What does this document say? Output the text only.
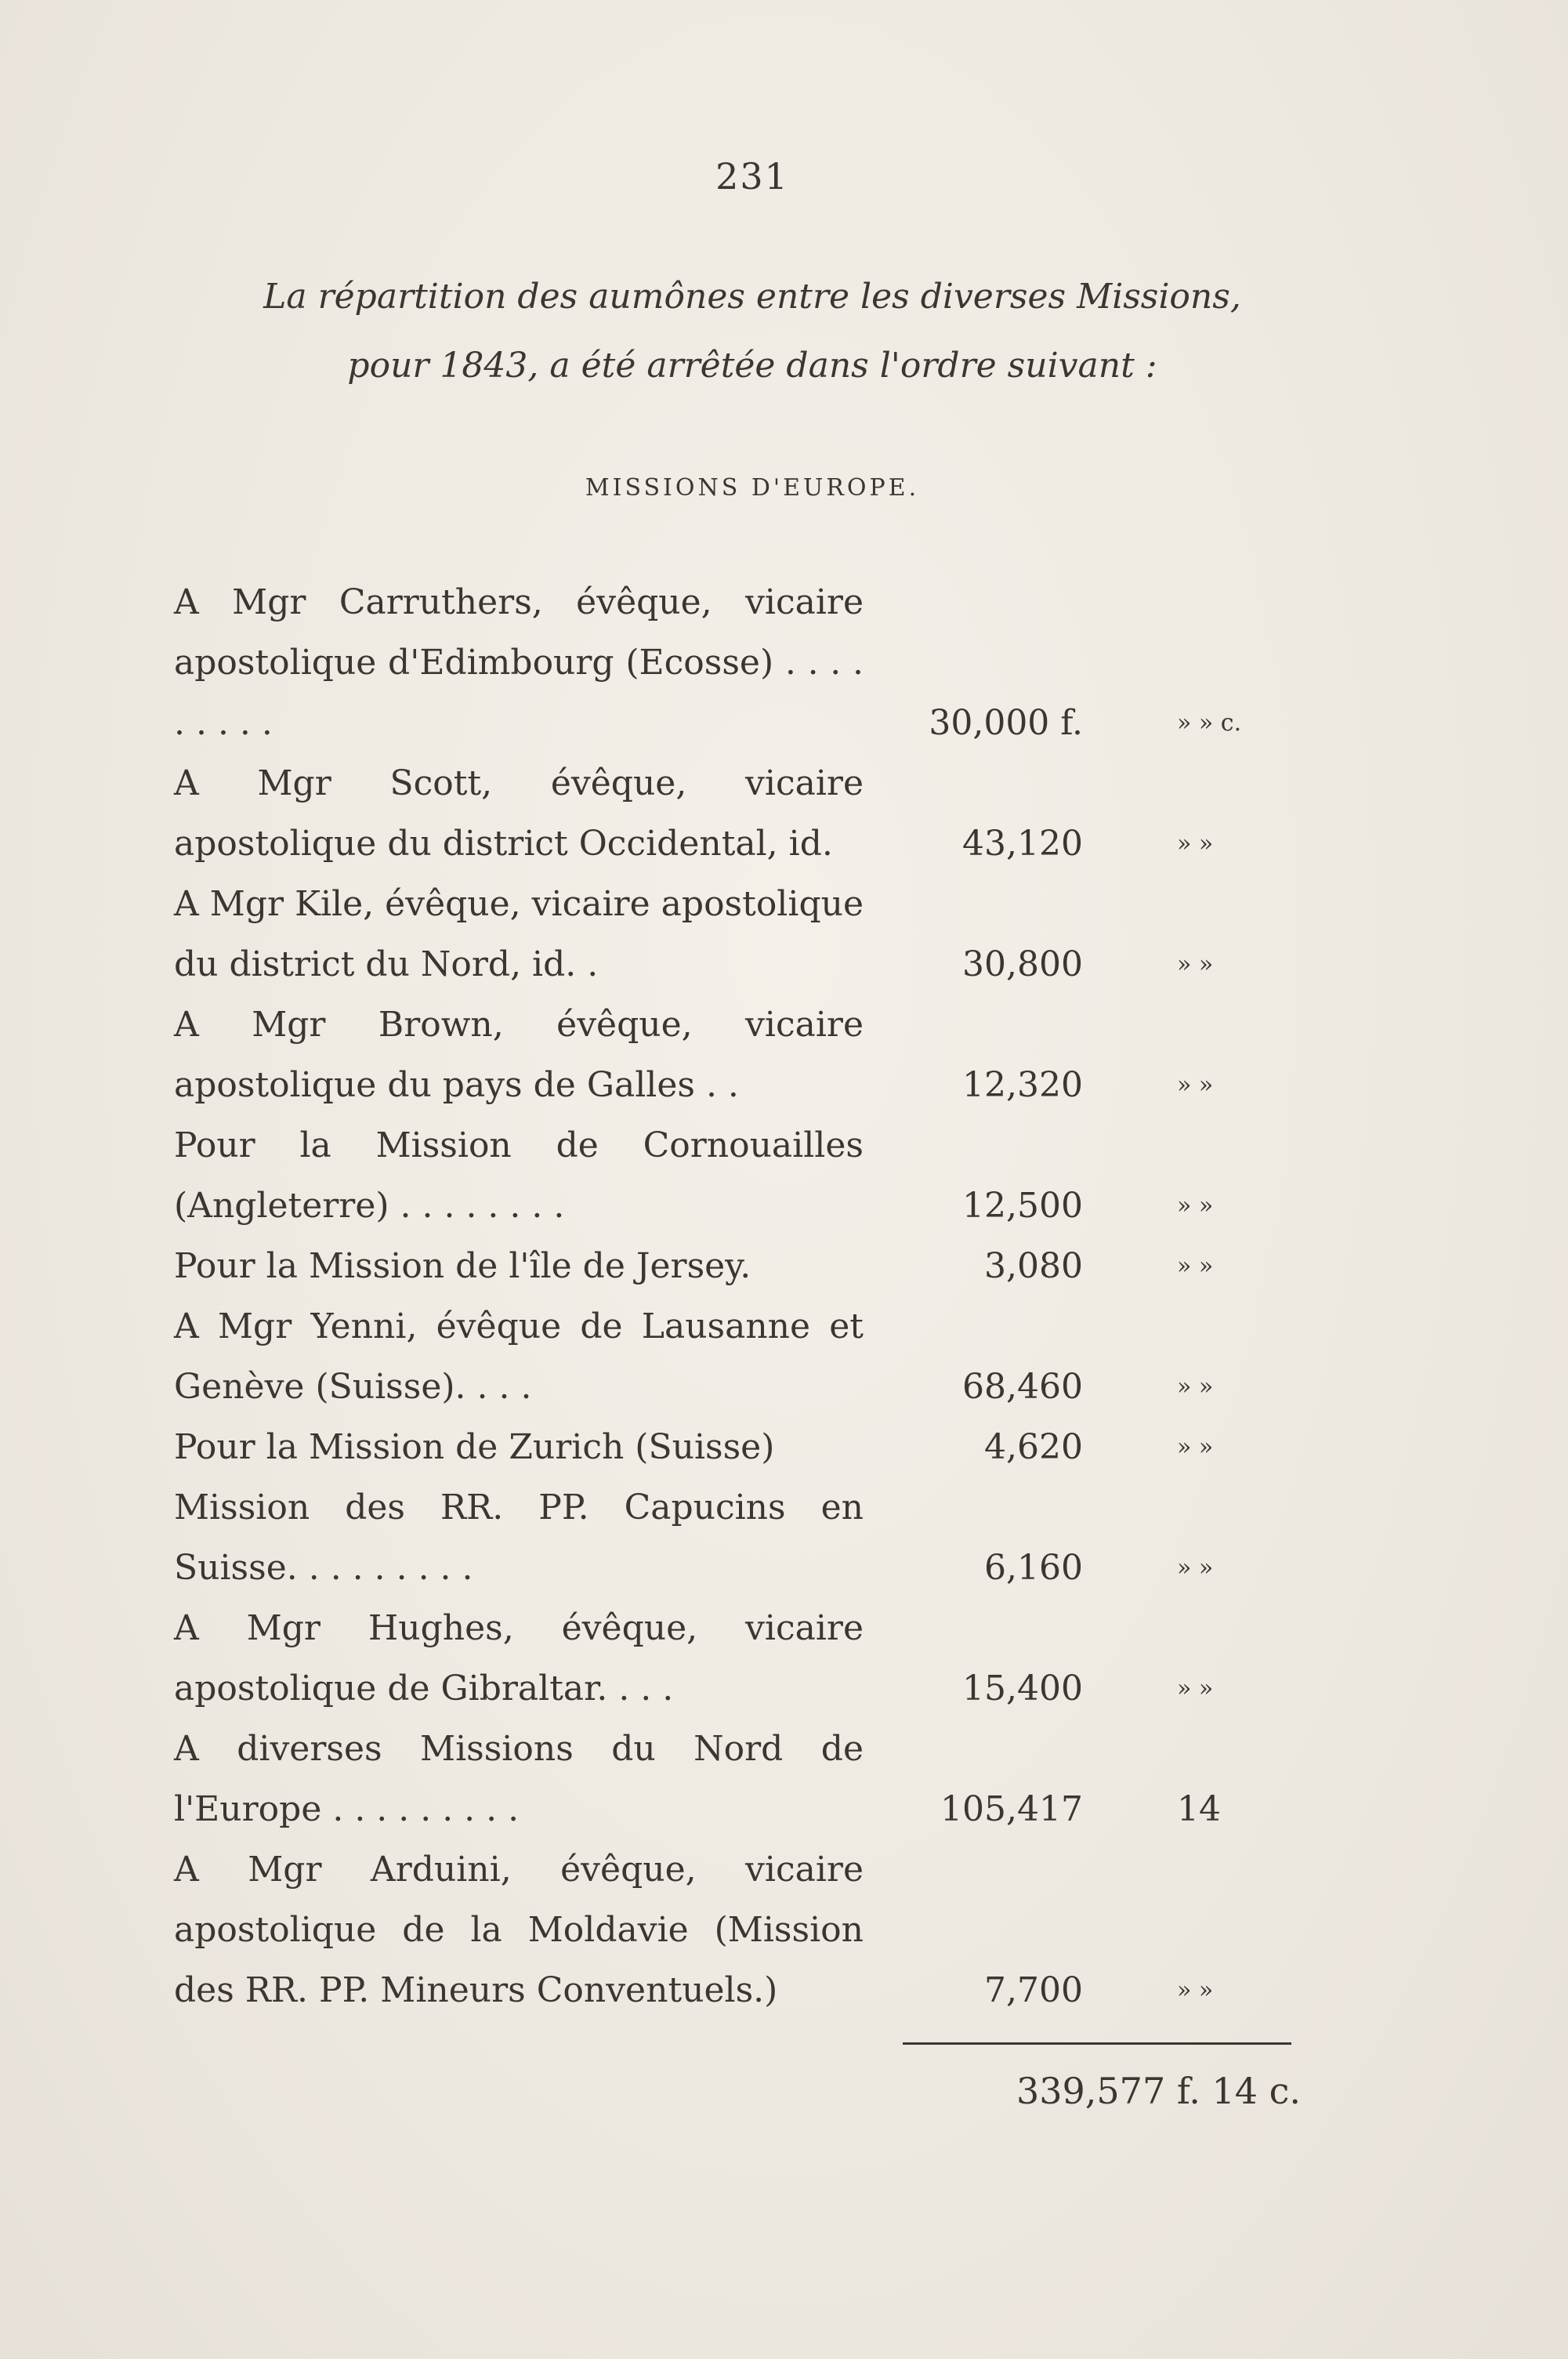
231
La répartition des aumônes entre les diverses Missions,
pour 1843, a été arrêtée dans l'ordre suivant :
MISSIONS D'EUROPE.
A Mgr Carruthers, évêque, vicaire apostolique d'Edimbourg (Ecosse) . . . . . . . . .	30,000 f.	» » c.
A Mgr Scott, évêque, vicaire apostolique du district Occidental, id.	43,120	» »
A Mgr Kile, évêque, vicaire apostolique du district du Nord, id. .	30,800	» »
A Mgr Brown, évêque, vicaire apostolique du pays de Galles . .	12,320	» »
Pour la Mission de Cornouailles (Angleterre) . . . . . . . .	12,500	» »
Pour la Mission de l'île de Jersey.	3,080	» »
A Mgr Yenni, évêque de Lausanne et Genève (Suisse). . . .	68,460	» »
Pour la Mission de Zurich (Suisse)	4,620	» »
Mission des RR. PP. Capucins en Suisse. . . . . . . . .	6,160	» »
A Mgr Hughes, évêque, vicaire apostolique de Gibraltar. . . .	15,400	» »
A diverses Missions du Nord de l'Europe . . . . . . . . .	105,417	14
A Mgr Arduini, évêque, vicaire apostolique de la Moldavie (Mission des RR. PP. Mineurs Conventuels.)	7,700	» »
339,577 f. 14 c.
